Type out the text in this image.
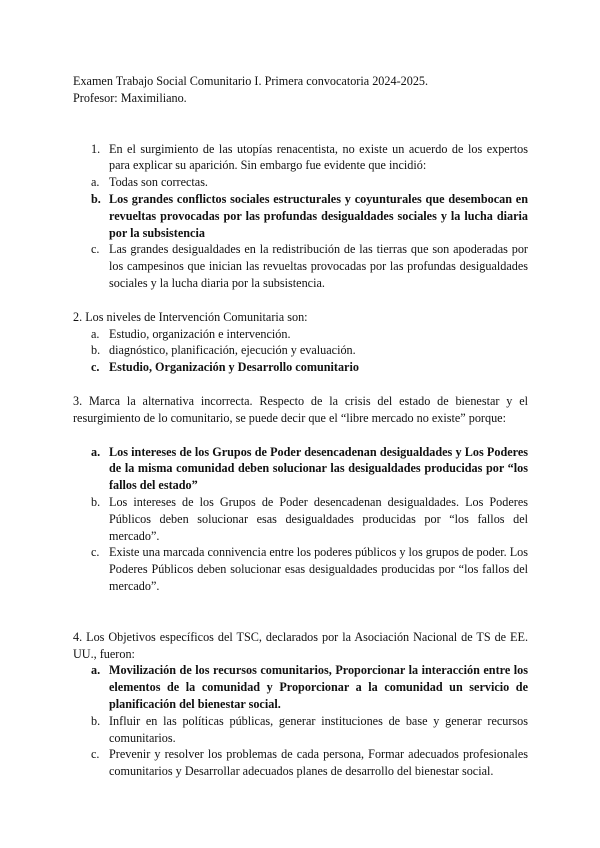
Examen Trabajo Social Comunitario I. Primera convocatoria 2024-2025.

Profesor: Maximiliano.

1. En el surgimiento de las utopías renacentista, no existe un acuerdo de los expertos para explicar su aparición. Sin embargo fue evidente que incidió:
a. Todas son correctas.
b. Los grandes conflictos sociales estructurales y coyunturales que desembocan en revueltas provocadas por las profundas desigualdades sociales y la lucha diaria por la subsistencia
c. Las grandes desigualdades en la redistribución de las tierras que son apoderadas por los campesinos que inician las revueltas provocadas por las profundas desigualdades sociales y la lucha diaria por la subsistencia.

2. Los niveles de Intervención Comunitaria son:

a. Estudio, organización e intervención.
b. diagnóstico, planificación, ejecución y evaluación.
c. Estudio, Organización y Desarrollo comunitario

3. Marca la alternativa incorrecta. Respecto de la crisis del estado de bienestar y el resurgimiento de lo comunitario, se puede decir que el “libre mercado no existe” porque:

a. Los intereses de los Grupos de Poder desencadenan desigualdades y Los Poderes de la misma comunidad deben solucionar las desigualdades producidas por “los fallos del estado”
b. Los intereses de los Grupos de Poder desencadenan desigualdades. Los Poderes Públicos deben solucionar esas desigualdades producidas por “los fallos del mercado”.
c. Existe una marcada connivencia entre los poderes públicos y los grupos de poder. Los Poderes Públicos deben solucionar esas desigualdades producidas por “los fallos del mercado”.

4. Los Objetivos específicos del TSC, declarados por la Asociación Nacional de TS de EE. UU., fueron:

a. Movilización de los recursos comunitarios, Proporcionar la interacción entre los elementos de la comunidad y Proporcionar a la comunidad un servicio de planificación del bienestar social.
b. Influir en las políticas públicas, generar instituciones de base y generar recursos comunitarios.
c. Prevenir y resolver los problemas de cada persona, Formar adecuados profesionales comunitarios y Desarrollar adecuados planes de desarrollo del bienestar social.
